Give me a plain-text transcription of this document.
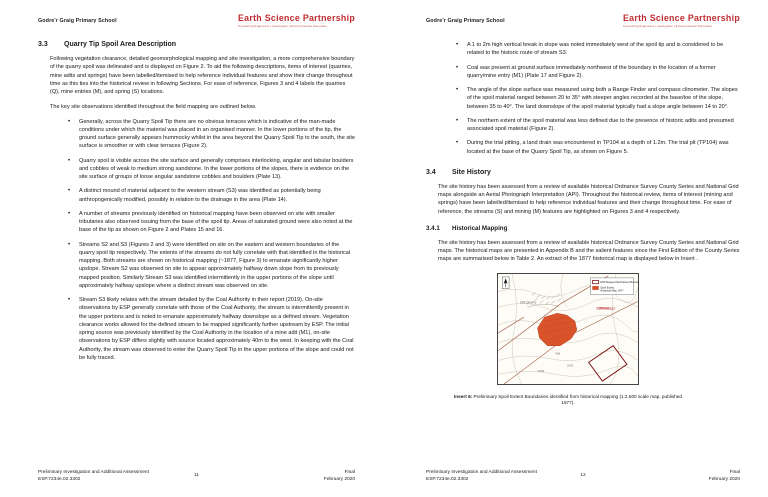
Godre'r Graig Primary School	Earth Science Partnership
Consulting Engineers | Geologists | Environmental Scientists
3.3	Quarry Tip Spoil Area Description
Following vegetation clearance, detailed geomorphological mapping and site investigation, a more comprehensive boundary of the quarry spoil was delineated and is displayed on Figure 2. To aid the following descriptions, items of interest (quarries, mine adits and springs) have been labelled/itemised to help reference individual features and show their change throughout time as this ties into the historical review in following Sections. For ease of reference, Figures 3 and 4 labels the quarries (Q), mine entries (M), and spring (S) locations.
The key site observations identified throughout the field mapping are outlined below.
• Generally, across the Quarry Spoil Tip there are no obvious terraces which is indicative of the man-made conditions under which the material was placed in an organised manner. In the lower portions of the tip, the ground surface generally appears hummocky whilst in the area beyond the Quarry Spoil Tip to the south, the site surface is smoother or with clear terraces (Figure 2).
• Quarry spoil is visible across the site surface and generally comprises interlocking, angular and tabular boulders and cobbles of weak to medium strong sandstone. In the lower portions of the slopes, there is evidence on the site surface of groups of loose angular sandstone cobbles and boulders (Plate 13).
• A distinct mound of material adjacent to the western stream (S3) was identified as potentially being anthropogenically modified, possibly in relation to the drainage in the area (Plate 14).
• A number of streams previously identified on historical mapping have been observed on site with smaller tributaries also observed issuing from the base of the spoil tip. Areas of saturated ground were also noted at the base of the tip as shown on Figure 2 and Plates 15 and 16.
• Streams S2 and S3 (Figures 2 and 3) were identified on site on the eastern and western boundaries of the quarry spoil tip respectively. The extents of the streams do not fully correlate with that identified in the historical mapping. Both streams are shown on historical mapping (~1877, Figure 3) to emanate significantly higher upslope. Stream S2 was observed on site to appear approximately halfway down slope from its previously mapped position. Similarly Stream S3 was identified intermittently in the upper portions of the slope until approximately halfway upslope where a distinct stream was observed on site.
• Stream S3 likely relates with the stream detailed by the Coal Authority in their report (2019). On-site observations by ESP generally correlate with those of the Coal Authority, the stream is intermittently present in the upper portions and is noted to emanate approximately halfway downslope as a defined stream. Vegetation clearance works allowed for the defined stream to be mapped significantly further upstream by ESP. The initial spring source was previously identified by the Coal Authority in the location of a mine adit (M1), on-site observations by ESP differs slightly with source located approximately 40m to the west. In keeping with the Coal Authority, the stream was observed to enter the Quarry Spoil Tip in the upper portions of the slope and could not be fully traced.
Preliminary Investigation and Additional Assessment
ESP.7234e.02.3302
11	Final
February 2020
Godre'r Graig Primary School	Earth Science Partnership
Consulting Engineers | Geologists | Environmental Scientists
• A 1 to 2m high vertical break in slope was noted immediately west of the spoil tip and is considered to be related to the historic route of stream S3.
• Coal was present at ground surface immediately northwest of the boundary in the location of a former quarry/mine entry (M1) (Plate 17 and Figure 2).
• The angle of the slope surface was measured using both a Range Finder and compass clinometer. The slopes of the spoil material ranged between 20 to 35° with steeper angles recorded at the base/toe of the slope, between 35 to 40°. The land downslope of the spoil material typically had a slope angle between 14 to 20°.
• The northern extent of the spoil material was less defined due to the presence of historic adits and presumed associated spoil material (Figure 2).
• During the trial pitting, a land drain was encountered in TP104 at a depth of 1.2m. The trial pit (TP104) was located at the base of the Quarry Spoil Tip, as shown on Figure 5.
3.4	Site History
The site history has been assessed from a review of available historical Ordnance Survey County Series and National Grid maps alongside an Aerial Photograph Interpretation (API). Throughout the historical review, items of interest (mining and springs) have been labelled/itemised to help reference individual features and their change throughout time. For ease of reference, the streams (S) and mining (M) features are highlighted on Figures 3 and 4 respectively.
3.4.1	Historical Mapping
The site history has been assessed from a review of available historical Ordnance Survey County Series and National Grid maps. The historical maps are presented in Appendix B and the salient features since the First Edition of the County Series maps are summarised below in Table 2. An extract of the 1877 historical map is displayed below in Insert .
ESP Mapped Spoil Extent Boundary
Spoil Extent,
Historical Map, 1877
Old Quarry
CWMGELLI
936
2241
2345
Insert 6: Preliminary Spoil Extent Boundaries identified from historical mapping (1:2,500 scale map, published 1877).
Preliminary Investigation and Additional Assessment
ESP.7234e.02.3302
12	Final
February 2020
